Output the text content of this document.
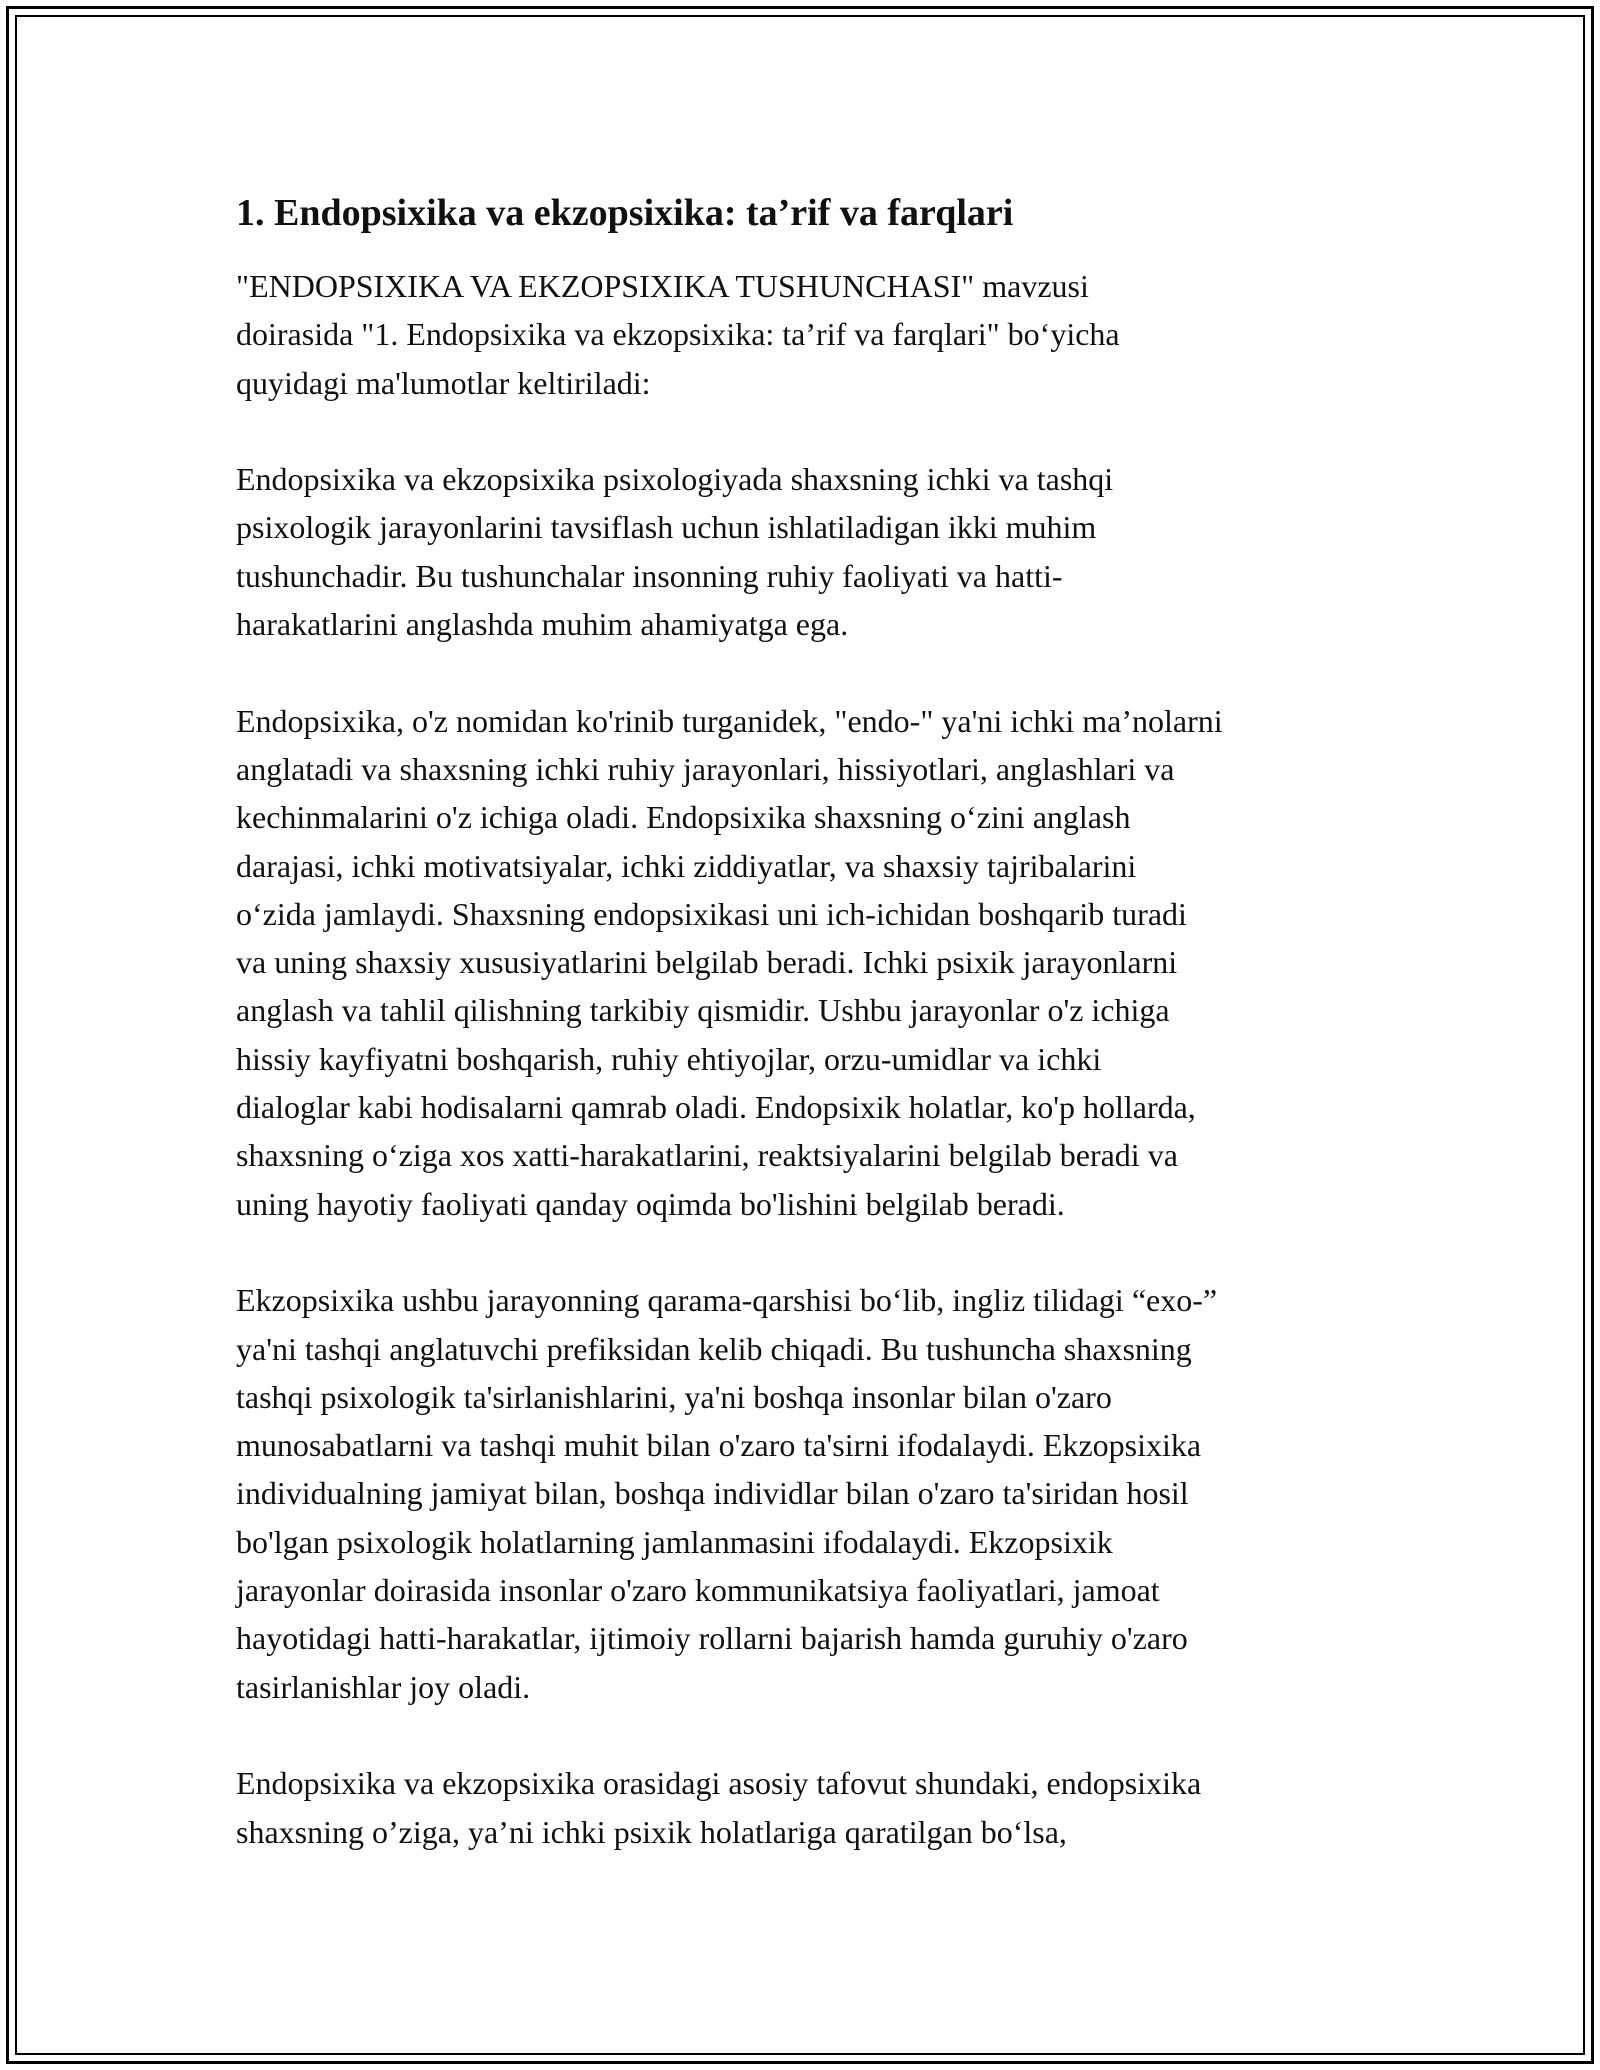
1. Endopsixika va ekzopsixika: ta’rif va farqlari
"ENDOPSIXIKA VA EKZOPSIXIKA TUSHUNCHASI" mavzusi
doirasida "1. Endopsixika va ekzopsixika: ta’rif va farqlari" bo‘yicha
quyidagi ma'lumotlar keltiriladi:
Endopsixika va ekzopsixika psixologiyada shaxsning ichki va tashqi
psixologik jarayonlarini tavsiflash uchun ishlatiladigan ikki muhim
tushunchadir. Bu tushunchalar insonning ruhiy faoliyati va hatti-
harakatlarini anglashda muhim ahamiyatga ega.
Endopsixika, o'z nomidan ko'rinib turganidek, "endo-" ya'ni ichki ma’nolarni
anglatadi va shaxsning ichki ruhiy jarayonlari, hissiyotlari, anglashlari va
kechinmalarini o'z ichiga oladi. Endopsixika shaxsning o‘zini anglash
darajasi, ichki motivatsiyalar, ichki ziddiyatlar, va shaxsiy tajribalarini
o‘zida jamlaydi. Shaxsning endopsixikasi uni ich-ichidan boshqarib turadi
va uning shaxsiy xususiyatlarini belgilab beradi. Ichki psixik jarayonlarni
anglash va tahlil qilishning tarkibiy qismidir. Ushbu jarayonlar o'z ichiga
hissiy kayfiyatni boshqarish, ruhiy ehtiyojlar, orzu-umidlar va ichki
dialoglar kabi hodisalarni qamrab oladi. Endopsixik holatlar, ko'p hollarda,
shaxsning o‘ziga xos xatti-harakatlarini, reaktsiyalarini belgilab beradi va
uning hayotiy faoliyati qanday oqimda bo'lishini belgilab beradi.
Ekzopsixika ushbu jarayonning qarama-qarshisi bo‘lib, ingliz tilidagi “exo-”
ya'ni tashqi anglatuvchi prefiksidan kelib chiqadi. Bu tushuncha shaxsning
tashqi psixologik ta'sirlanishlarini, ya'ni boshqa insonlar bilan o'zaro
munosabatlarni va tashqi muhit bilan o'zaro ta'sirni ifodalaydi. Ekzopsixika
individualning jamiyat bilan, boshqa individlar bilan o'zaro ta'siridan hosil
bo'lgan psixologik holatlarning jamlanmasini ifodalaydi. Ekzopsixik
jarayonlar doirasida insonlar o'zaro kommunikatsiya faoliyatlari, jamoat
hayotidagi hatti-harakatlar, ijtimoiy rollarni bajarish hamda guruhiy o'zaro
tasirlanishlar joy oladi.
Endopsixika va ekzopsixika orasidagi asosiy tafovut shundaki, endopsixika
shaxsning o’ziga, ya’ni ichki psixik holatlariga qaratilgan bo‘lsa,
